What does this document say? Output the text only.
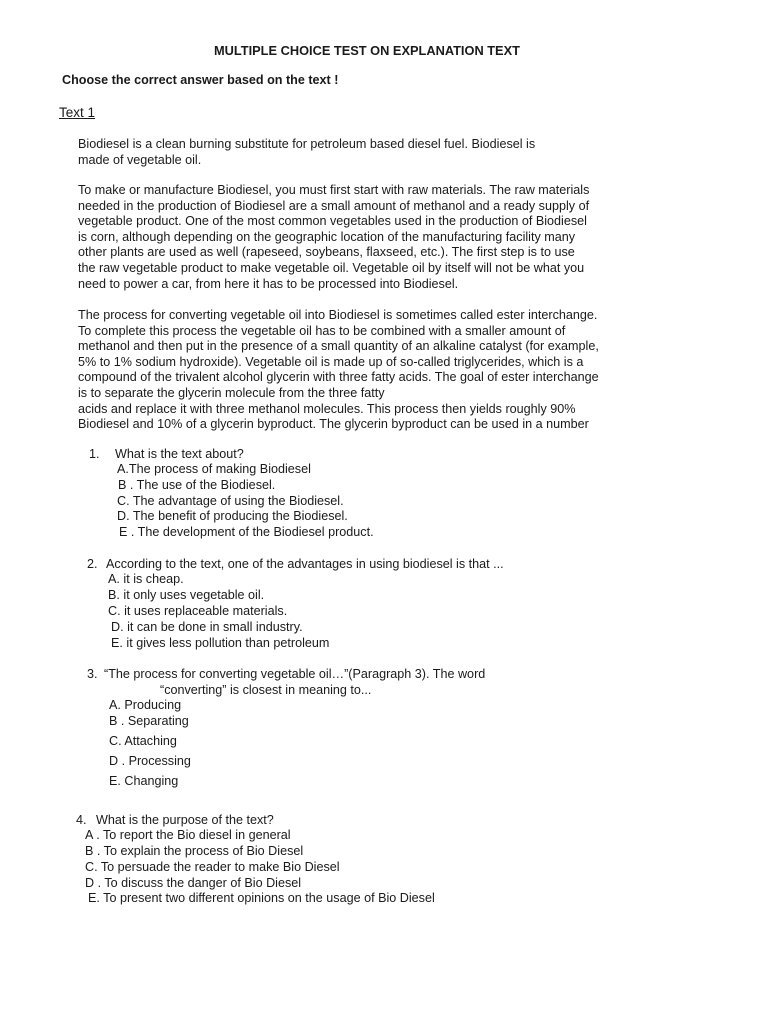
MULTIPLE CHOICE TEST ON EXPLANATION TEXT
Choose the correct answer based on the text !
Text 1
Biodiesel is a clean burning substitute for petroleum based diesel fuel. Biodiesel is
made of vegetable oil.
To make or manufacture Biodiesel, you must first start with raw materials. The raw materials
needed in the production of Biodiesel are a small amount of methanol and a ready supply of
vegetable product. One of the most common vegetables used in the production of Biodiesel
is corn, although depending on the geographic location of the manufacturing facility many
other plants are used as well (rapeseed, soybeans, flaxseed, etc.). The first step is to use
the raw vegetable product to make vegetable oil. Vegetable oil by itself will not be what you
need to power a car, from here it has to be processed into Biodiesel.
The process for converting vegetable oil into Biodiesel is sometimes called ester interchange.
To complete this process the vegetable oil has to be combined with a smaller amount of
methanol and then put in the presence of a small quantity of an alkaline catalyst (for example,
5% to 1% sodium hydroxide). Vegetable oil is made up of so-called triglycerides, which is a
compound of the trivalent alcohol glycerin with three fatty acids. The goal of ester interchange
is to separate the glycerin molecule from the three fatty
acids and replace it with three methanol molecules. This process then yields roughly 90%
Biodiesel and 10% of a glycerin byproduct. The glycerin byproduct can be used in a number
1. What is the text about?
A.The process of making Biodiesel
B . The use of the Biodiesel.
C. The advantage of using the Biodiesel.
D. The benefit of producing the Biodiesel.
E . The development of the Biodiesel product.
2. According to the text, one of the advantages in using biodiesel is that ...
A. it is cheap.
B. it only uses vegetable oil.
C. it uses replaceable materials.
D. it can be done in small industry.
E. it gives less pollution than petroleum
3. “The process for converting vegetable oil…”(Paragraph 3). The word
“converting” is closest in meaning to...
A. Producing
B . Separating
C. Attaching
D . Processing
E. Changing
4. What is the purpose of the text?
A . To report the Bio diesel in general
B . To explain the process of Bio Diesel
C. To persuade the reader to make Bio Diesel
D . To discuss the danger of Bio Diesel
E. To present two different opinions on the usage of Bio Diesel
